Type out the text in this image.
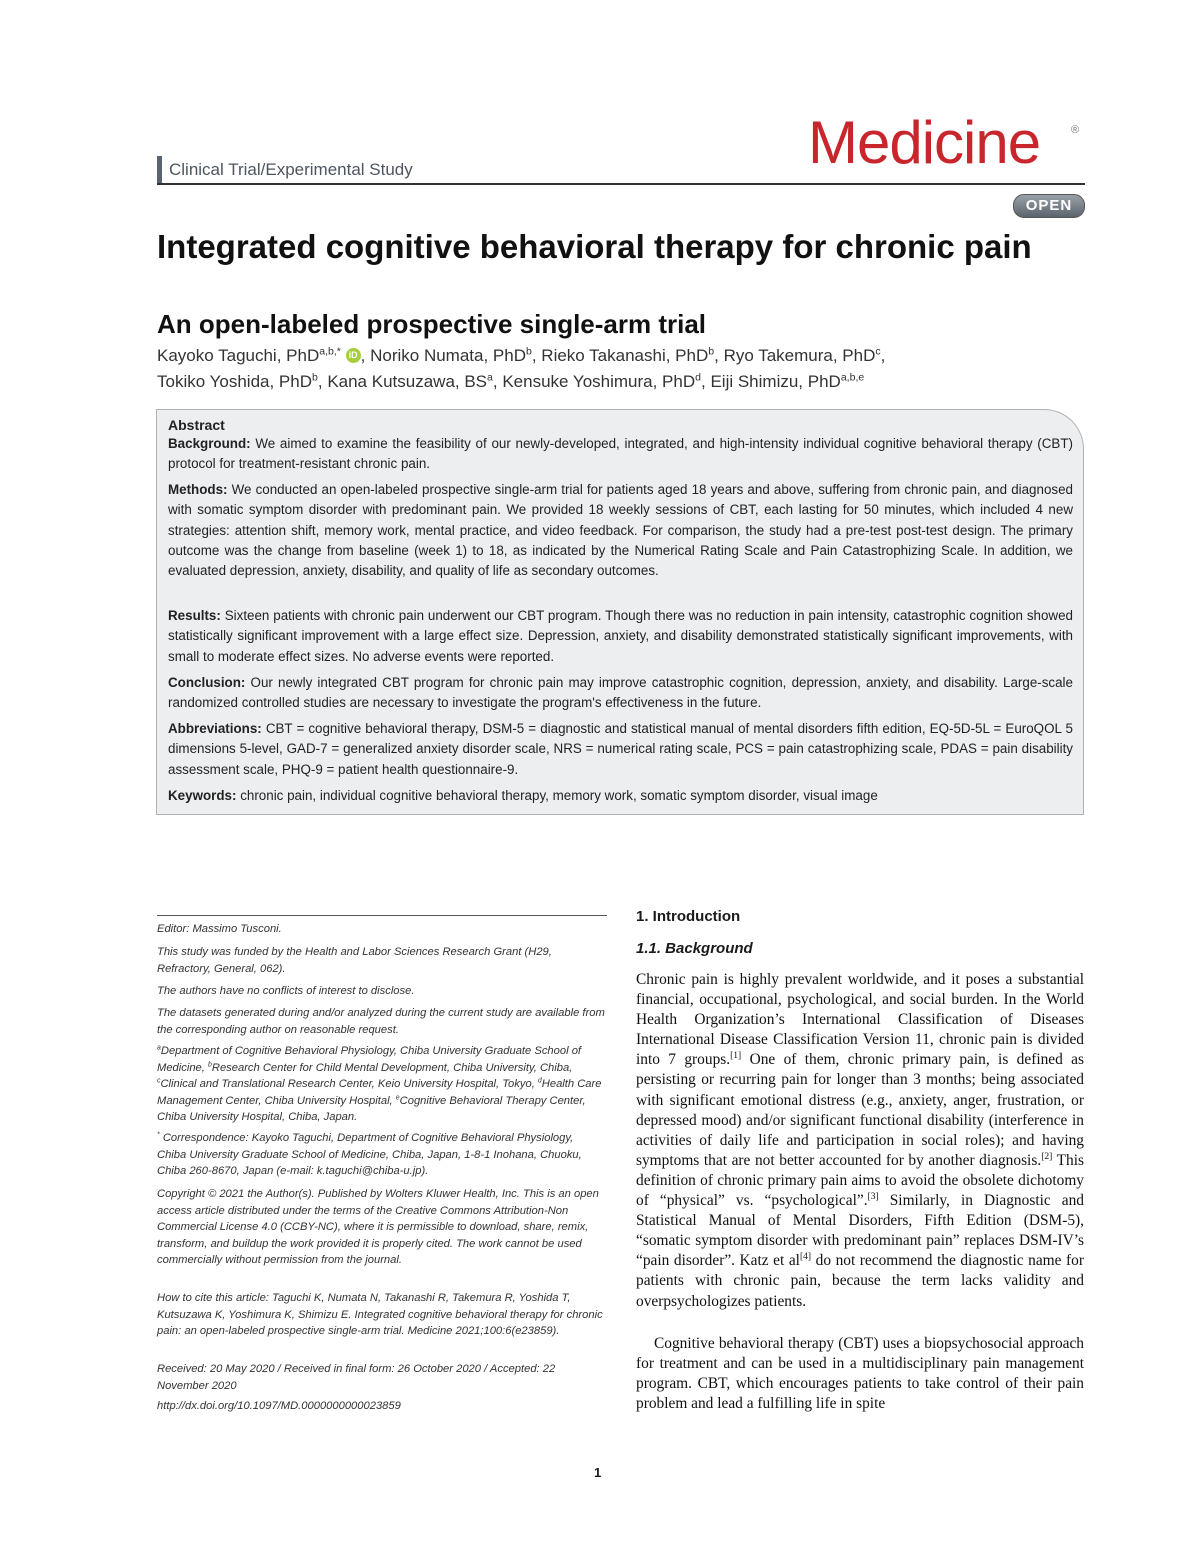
Clinical Trial/Experimental Study	Medicine	®
OPEN
Integrated cognitive behavioral therapy for chronic pain
An open-labeled prospective single-arm trial
Kayoko Taguchi, PhD$^{a,b,*}$ iD , Noriko Numata, PhD$^b$, Rieko Takanashi, PhD$^b$, Ryo Takemura, PhD$^c$,
Tokiko Yoshida, PhD$^b$, Kana Kutsuzawa, $BS^a$, Kensuke Yoshimura, PhD$^d$, Eiji Shimizu, PhD$^{a,b,e}$
Abstract
Background: We aimed to examine the feasibility of our newly-developed, integrated, and high-intensity individual cognitive behavioral therapy (CBT) protocol for treatment-resistant chronic pain.
Methods: We conducted an open-labeled prospective single-arm trial for patients aged 18 years and above, suffering from chronic pain, and diagnosed with somatic symptom disorder with predominant pain. We provided 18 weekly sessions of CBT, each lasting for 50 minutes, which included 4 new strategies: attention shift, memory work, mental practice, and video feedback. For comparison, the study had a pre-test post-test design. The primary outcome was the change from baseline (week 1) to 18, as indicated by the Numerical Rating Scale and Pain Catastrophizing Scale. In addition, we evaluated depression, anxiety, disability, and quality of life as secondary outcomes.
Results: Sixteen patients with chronic pain underwent our CBT program. Though there was no reduction in pain intensity, catastrophic cognition showed statistically significant improvement with a large effect size. Depression, anxiety, and disability demonstrated statistically significant improvements, with small to moderate effect sizes. No adverse events were reported.
Conclusion: Our newly integrated CBT program for chronic pain may improve catastrophic cognition, depression, anxiety, and disability. Large-scale randomized controlled studies are necessary to investigate the program's effectiveness in the future.
Abbreviations: CBT = cognitive behavioral therapy, DSM-5 = diagnostic and statistical manual of mental disorders fifth edition, EQ-5D-5L = EuroQOL 5 dimensions 5-level, GAD-7 = generalized anxiety disorder scale, NRS = numerical rating scale, PCS = pain catastrophizing scale, PDAS = pain disability assessment scale, PHQ-9 = patient health questionnaire-9.
Keywords: chronic pain, individual cognitive behavioral therapy, memory work, somatic symptom disorder, visual image
Editor: Massimo Tusconi.
This study was funded by the Health and Labor Sciences Research Grant (H29, Refractory, General, 062).
The authors have no conflicts of interest to disclose.
The datasets generated during and/or analyzed during the current study are available from the corresponding author on reasonable request.
$^a$Department of Cognitive Behavioral Physiology, Chiba University Graduate School of Medicine, $^b$Research Center for Child Mental Development, Chiba University, Chiba, $^c$Clinical and Translational Research Center, Keio University Hospital, Tokyo, $^d$Health Care Management Center, Chiba University Hospital, $^e$Cognitive Behavioral Therapy Center, Chiba University Hospital, Chiba, Japan.
* Correspondence: Kayoko Taguchi, Department of Cognitive Behavioral Physiology, Chiba University Graduate School of Medicine, Chiba, Japan, 1-8-1 Inohana, Chuoku, Chiba 260-8670, Japan (e-mail: k.taguchi@chiba-u.jp).
Copyright © 2021 the Author(s). Published by Wolters Kluwer Health, Inc. This is an open access article distributed under the terms of the Creative Commons Attribution-Non Commercial License 4.0 (CCBY-NC), where it is permissible to download, share, remix, transform, and buildup the work provided it is properly cited. The work cannot be used commercially without permission from the journal.
How to cite this article: Taguchi K, Numata N, Takanashi R, Takemura R, Yoshida T, Kutsuzawa K, Yoshimura K, Shimizu E. Integrated cognitive behavioral therapy for chronic pain: an open-labeled prospective single-arm trial. Medicine 2021;100:6(e23859).
Received: 20 May 2020 / Received in final form: 26 October 2020 / Accepted: 22 November 2020
http://dx.doi.org/10.1097/MD.0000000000023859
1. Introduction
1.1. Background
Chronic pain is highly prevalent worldwide, and it poses a substantial financial, occupational, psychological, and social burden. In the World Health Organization’s International Classification of Diseases International Disease Classification Version 11, chronic pain is divided into 7 groups.[1] One of them, chronic primary pain, is defined as persisting or recurring pain for longer than 3 months; being associated with significant emotional distress (e.g., anxiety, anger, frustration, or depressed mood) and/or significant functional disability (interference in activities of daily life and participation in social roles); and having symptoms that are not better accounted for by another diagnosis.[2] This definition of chronic primary pain aims to avoid the obsolete dichotomy of “physical” vs. “psychological”.[3] Similarly, in Diagnostic and Statistical Manual of Mental Disorders, Fifth Edition (DSM-5), “somatic symptom disorder with predominant pain” replaces DSM-IV’s “pain disorder”. Katz et al[4] do not recommend the diagnostic name for patients with chronic pain, because the term lacks validity and overpsychologizes patients.
Cognitive behavioral therapy (CBT) uses a biopsychosocial approach for treatment and can be used in a multidisciplinary pain management program. CBT, which encourages patients to take control of their pain problem and lead a fulfilling life in spite
1
